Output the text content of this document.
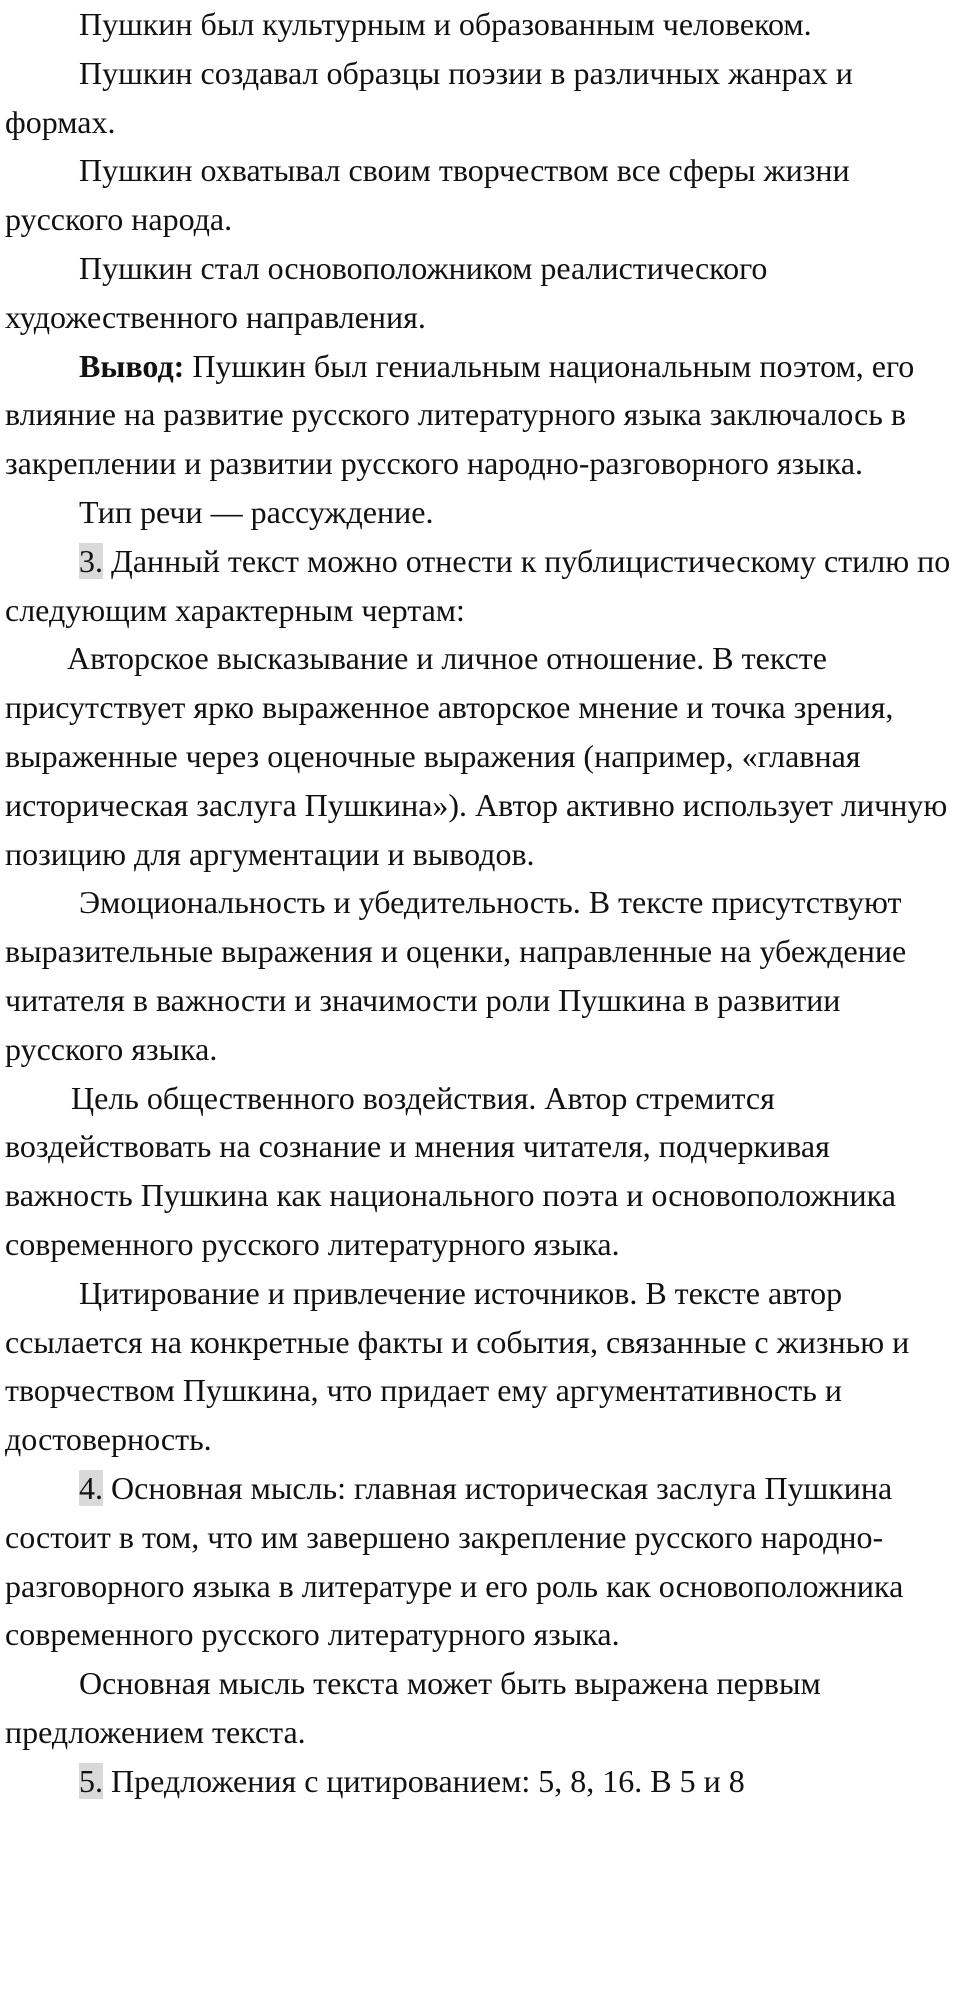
Пушкин был культурным и образованным человеком.

Пушкин создавал образцы поэзии в различных жанрах и формах.

Пушкин охватывал своим творчеством все сферы жизни русского народа.

Пушкин стал основоположником реалистического художественного направления.

Вывод: Пушкин был гениальным национальным поэтом, его влияние на развитие русского литературного языка заключалось в закреплении и развитии русского народно-разговорного языка.

Тип речи — рассуждение.

3. Данный текст можно отнести к публицистическому стилю по следующим характерным чертам:

Авторское высказывание и личное отношение. В тексте присутствует ярко выраженное авторское мнение и точка зрения, выраженные через оценочные выражения (например, «главная историческая заслуга Пушкина»). Автор активно использует личную позицию для аргументации и выводов.

Эмоциональность и убедительность. В тексте присутствуют выразительные выражения и оценки, направленные на убеждение читателя в важности и значимости роли Пушкина в развитии русского языка.

Цель общественного воздействия. Автор стремится воздействовать на сознание и мнения читателя, подчеркивая важность Пушкина как национального поэта и основоположника современного русского литературного языка.

Цитирование и привлечение источников. В тексте автор ссылается на конкретные факты и события, связанные с жизнью и творчеством Пушкина, что придает ему аргументативность и достоверность.

4. Основная мысль: главная историческая заслуга Пушкина состоит в том, что им завершено закрепление русского народно-разговорного языка в литературе и его роль как основоположника современного русского литературного языка.

Основная мысль текста может быть выражена первым предложением текста.

5. Предложения с цитированием: 5, 8, 16. В 5 и 8
